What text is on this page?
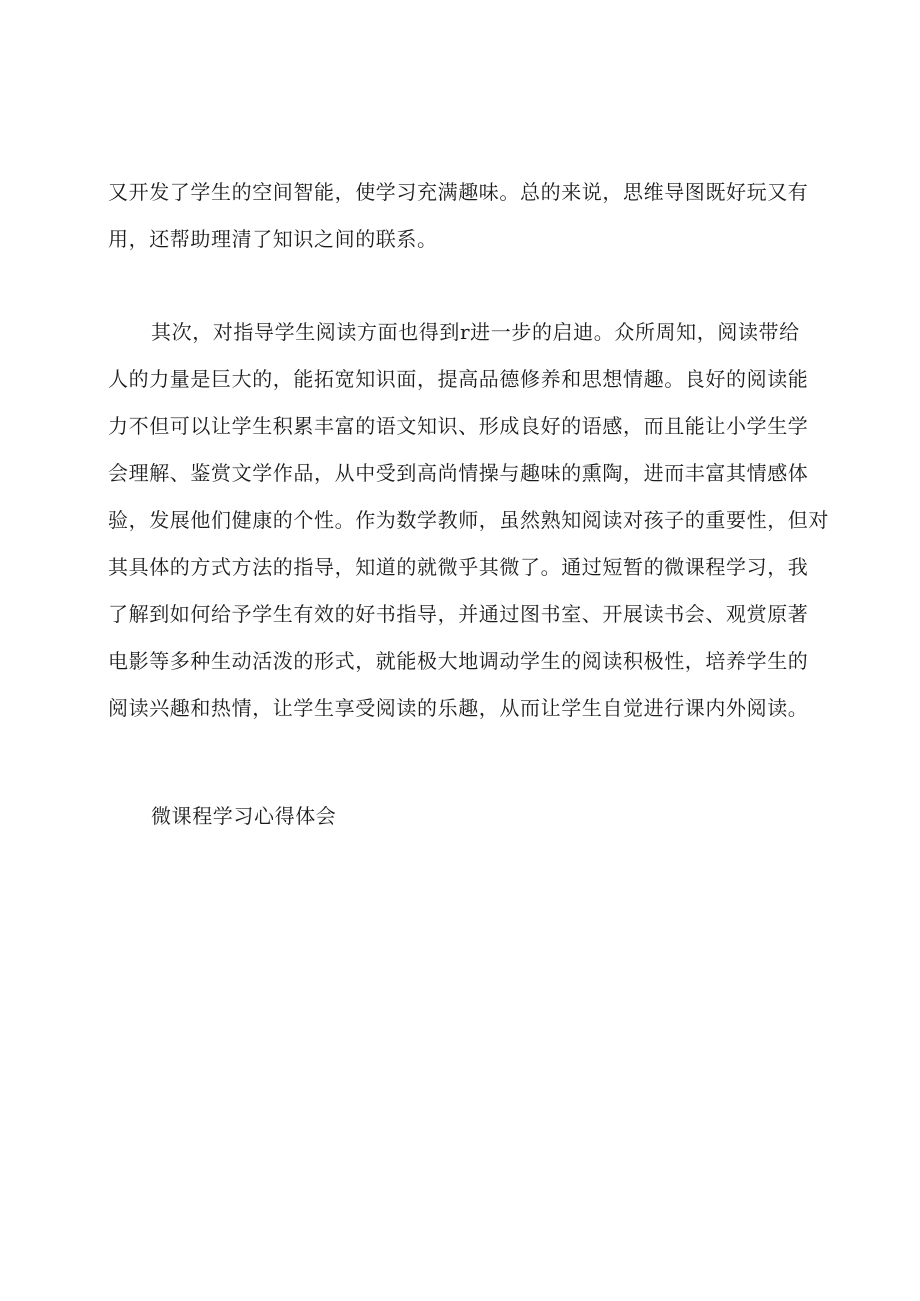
又开发了学生的空间智能，使学习充满趣味。总的来说，思维导图既好玩又有
用，还帮助理清了知识之间的联系。
其次，对指导学生阅读方面也得到r进一步的启迪。众所周知，阅读带给
人的力量是巨大的，能拓宽知识面，提高品德修养和思想情趣。良好的阅读能
力不但可以让学生积累丰富的语文知识、形成良好的语感，而且能让小学生学
会理解、鉴赏文学作品，从中受到高尚情操与趣味的熏陶，进而丰富其情感体
验，发展他们健康的个性。作为数学教师，虽然熟知阅读对孩子的重要性，但对
其具体的方式方法的指导，知道的就微乎其微了。通过短暂的微课程学习，我
了解到如何给予学生有效的好书指导，并通过图书室、开展读书会、观赏原著
电影等多种生动活泼的形式，就能极大地调动学生的阅读积极性，培养学生的
阅读兴趣和热情，让学生享受阅读的乐趣，从而让学生自觉进行课内外阅读。
微课程学习心得体会
